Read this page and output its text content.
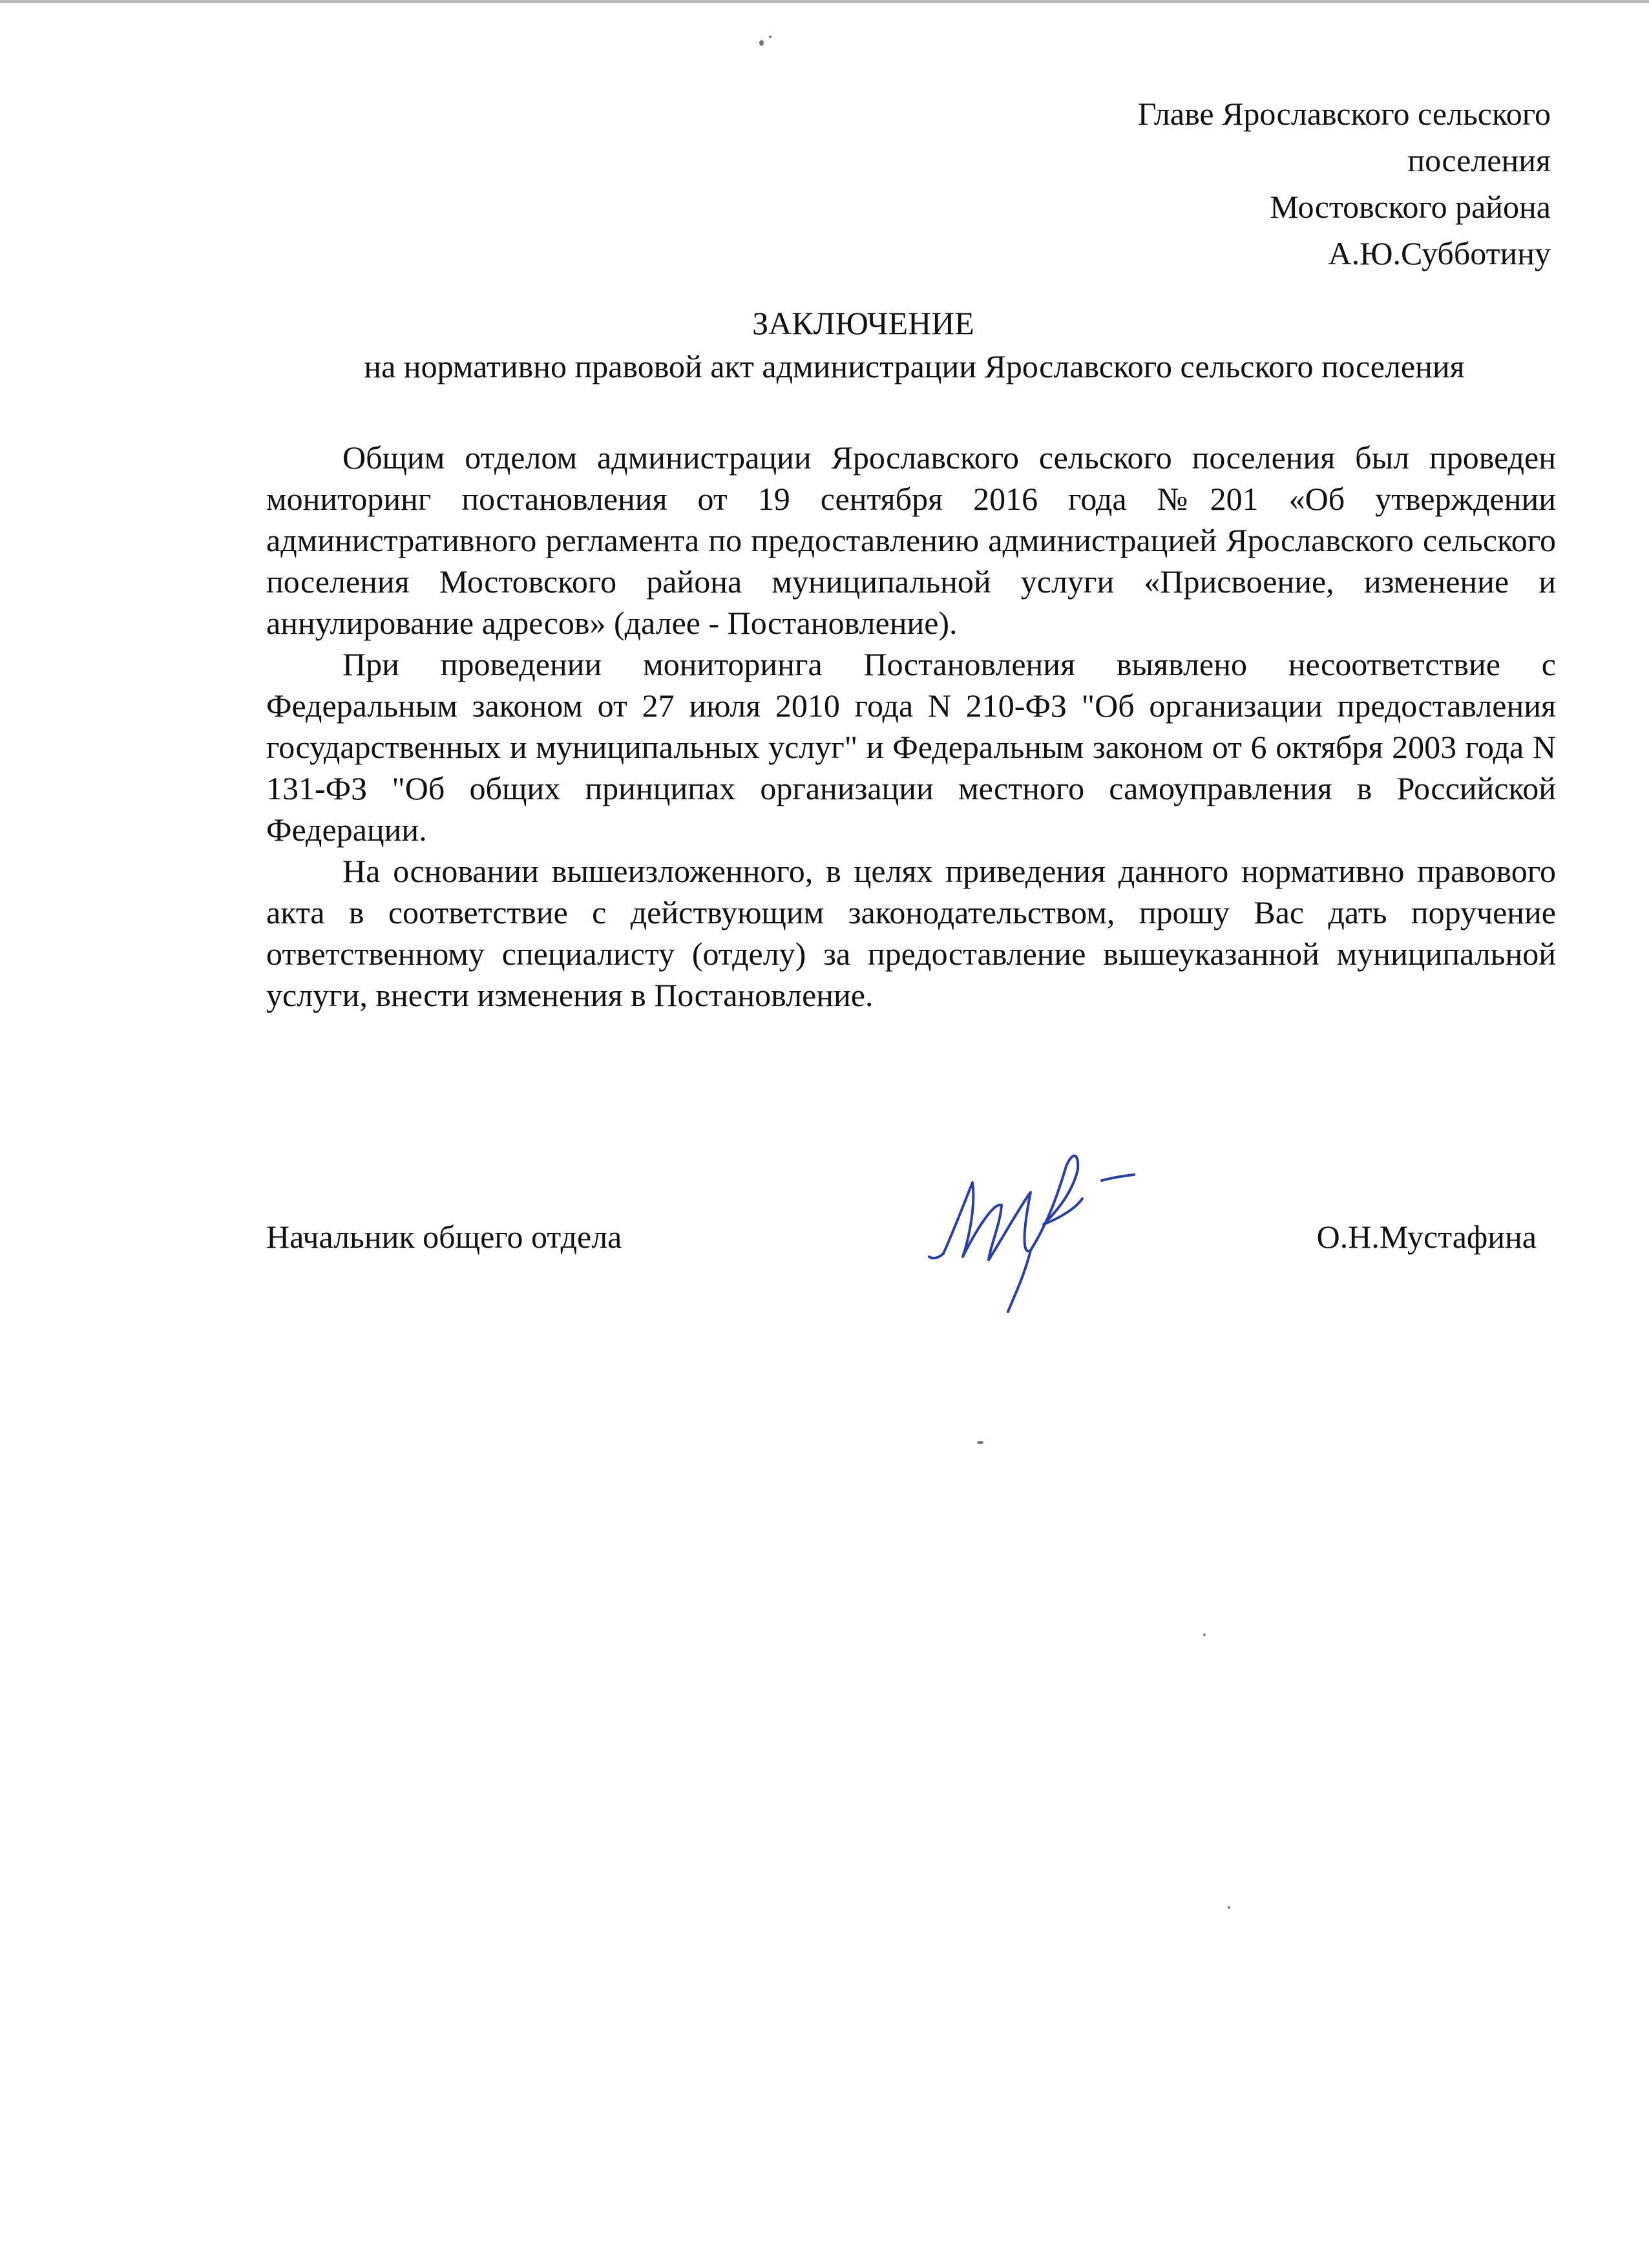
Главе Ярославского сельского
поселения
Мостовского района
А.Ю.Субботину
ЗАКЛЮЧЕНИЕ
на нормативно правовой акт администрации Ярославского сельского поселения

Общим отделом администрации Ярославского сельского поселения был проведен мониторинг постановления от 19 сентября 2016 года №201 «Об утверждении административного регламента по предоставлению администрацией Ярославского сельского поселения Мостовского района муниципальной услуги «Присвоение, изменение и аннулирование адресов» (далее - Постановление).

При проведении мониторинга Постановления выявлено несоответствие с Федеральным законом от 27 июля 2010 года N 210-ФЗ "Об организации предоставления государственных и муниципальных услуг" и Федеральным законом от 6 октября 2003 года N 131-ФЗ "Об общих принципах организации местного самоуправления в Российской Федерации.

На основании вышеизложенного, в целях приведения данного нормативно правового акта в соответствие с действующим законодательством, прошу Вас дать поручение ответственному специалисту (отделу) за предоставление вышеуказанной муниципальной услуги, внести изменения в Постановление.

Начальник общего отдела	О.Н.Мустафина
